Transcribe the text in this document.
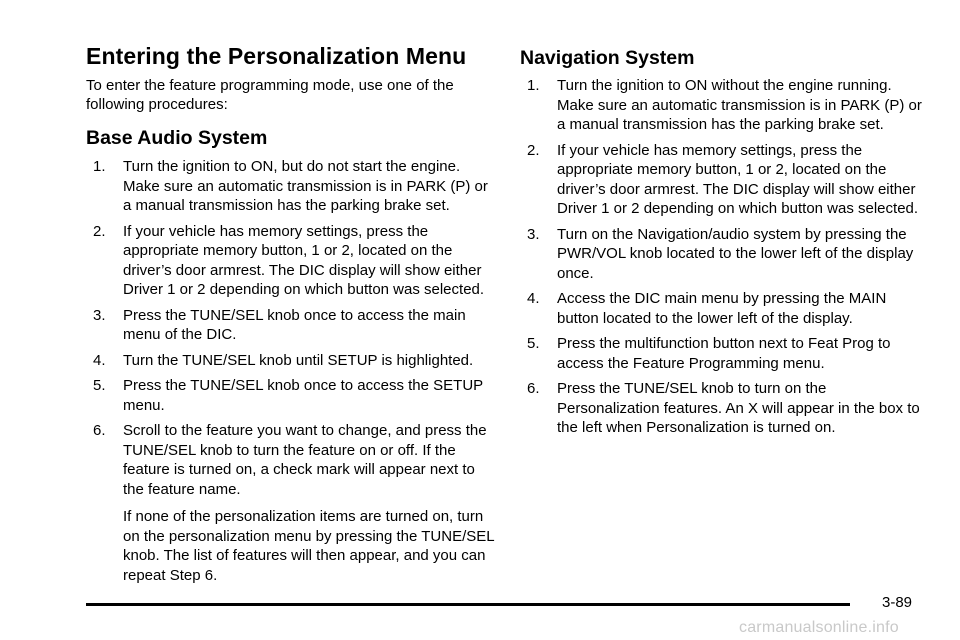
Entering the Personalization Menu

To enter the feature programming mode, use one of the following procedures:

Base Audio System
1. Turn the ignition to ON, but do not start the engine. Make sure an automatic transmission is in PARK (P) or a manual transmission has the parking brake set.
2. If your vehicle has memory settings, press the appropriate memory button, 1 or 2, located on the driver’s door armrest. The DIC display will show either Driver 1 or 2 depending on which button was selected.
3. Press the TUNE/SEL knob once to access the main menu of the DIC.
4. Turn the TUNE/SEL knob until SETUP is highlighted.
5. Press the TUNE/SEL knob once to access the SETUP menu.
6. Scroll to the feature you want to change, and press the TUNE/SEL knob to turn the feature on or off. If the feature is turned on, a check mark will appear next to the feature name.

If none of the personalization items are turned on, turn on the personalization menu by pressing the TUNE/SEL knob. The list of features will then appear, and you can repeat Step 6.

Navigation System
1. Turn the ignition to ON without the engine running. Make sure an automatic transmission is in PARK (P) or a manual transmission has the parking brake set.
2. If your vehicle has memory settings, press the appropriate memory button, 1 or 2, located on the driver’s door armrest. The DIC display will show either Driver 1 or 2 depending on which button was selected.
3. Turn on the Navigation/audio system by pressing the PWR/VOL knob located to the lower left of the display once.
4. Access the DIC main menu by pressing the MAIN button located to the lower left of the display.
5. Press the multifunction button next to Feat Prog to access the Feature Programming menu.
6. Press the TUNE/SEL knob to turn on the Personalization features. An X will appear in the box to the left when Personalization is turned on.
3-89
carmanualsonline.info
